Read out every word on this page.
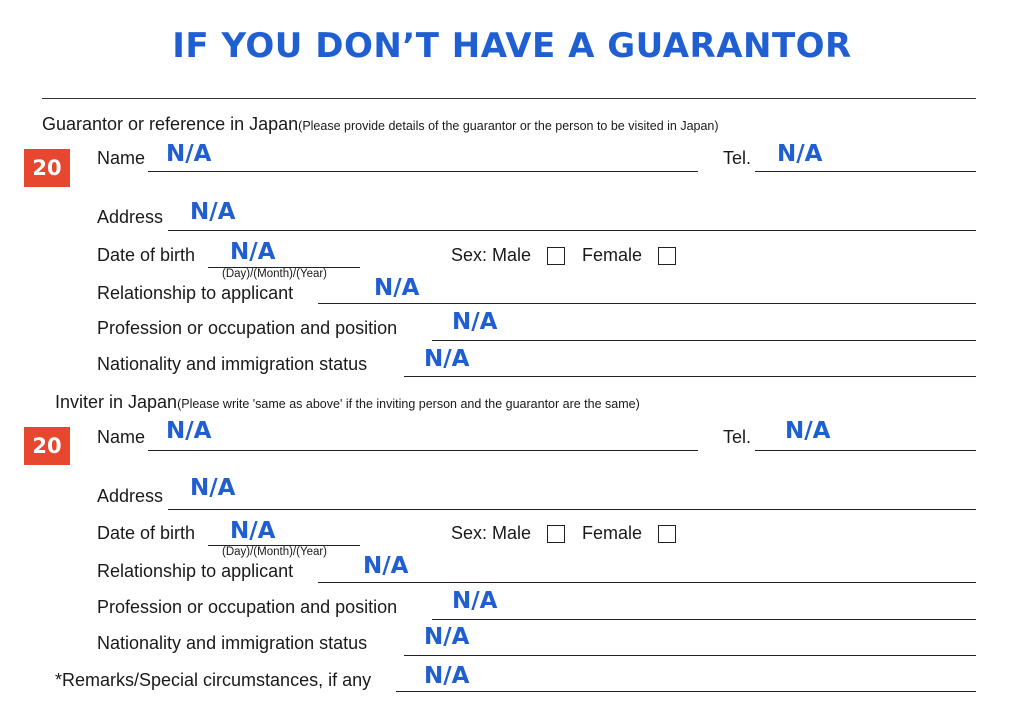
IF YOU DON’T HAVE A GUARANTOR
Guarantor or reference in Japan(Please provide details of the guarantor or the person to be visited in Japan)
20	Name N/A	Tel. N/A
Address N/A
Date of birth N/A
(Day)/(Month)/(Year)
Sex: Male	Female
Relationship to applicant	N/A
Profession or occupation and position N/A
Nationality and immigration status N/A
Inviter in Japan(Please write 'same as above' if the inviting person and the guarantor are the same)
20	Name N/A	Tel. N/A
Address N/A
Date of birth N/A
(Day)/(Month)/(Year)
Sex: Male	Female
Relationship to applicant	N/A
Profession or occupation and position N/A
Nationality and immigration status N/A
*Remarks/Special circumstances, if any N/A
